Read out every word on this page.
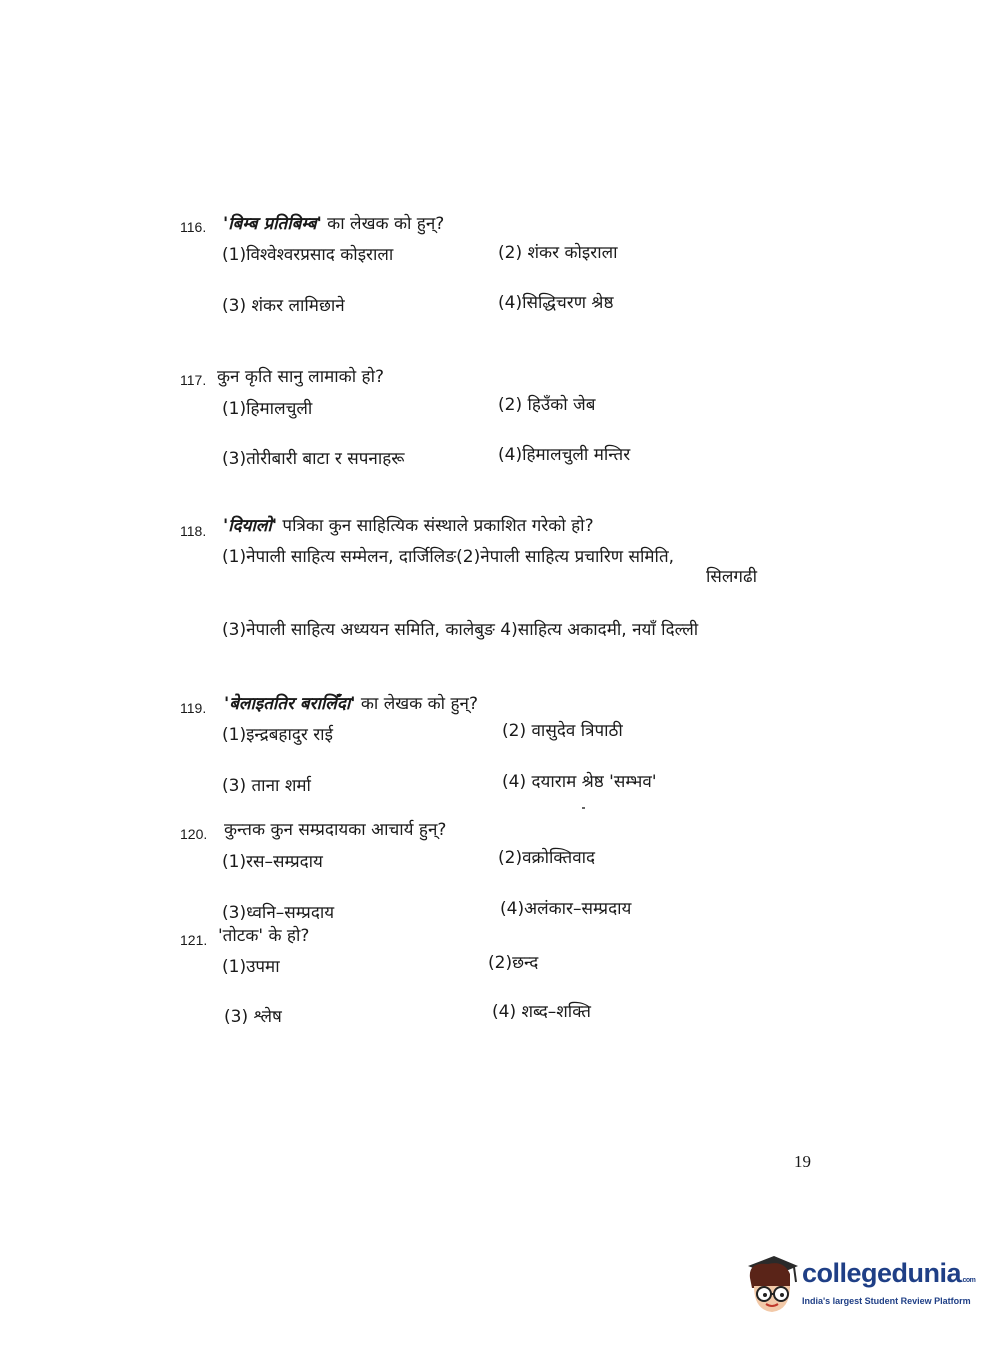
116. 'बिम्ब प्रतिबिम्ब' का लेखक को हुन्?
(1)विश्वेश्वरप्रसाद कोइराला	(2) शंकर कोइराला
(3) शंकर लामिछाने	(4)सिद्धिचरण श्रेष्ठ
117. कुन कृति सानु लामाको हो?
(1)हिमालचुली	(2) हिउँको जेब
(3)तोरीबारी बाटा र सपनाहरू	(4)हिमालचुली मन्तिर
118. 'दियालो' पत्रिका कुन साहित्यिक संस्थाले प्रकाशित गरेको हो?
(1)नेपाली साहित्य सम्मेलन, दार्जिलिङ(2)नेपाली साहित्य प्रचारिण समिति,
सिलगढी
(3)नेपाली साहित्य अध्ययन समिति, कालेबुङ 4)साहित्य अकादमी, नयाँ दिल्ली
119. 'बेलाइततिर बरालिँदा' का लेखक को हुन्?
(1)इन्द्रबहादुर राई	(2) वासुदेव त्रिपाठी
(3) ताना शर्मा	(4) दयाराम श्रेष्ठ 'सम्भव'
120. कुन्तक कुन सम्प्रदायका आचार्य हुन्?
(1)रस–सम्प्रदाय	(2)वक्रोक्तिवाद
(3)ध्वनि–सम्प्रदाय	(4)अलंकार–सम्प्रदाय
121. 'तोटक' के हो?
(1)उपमा	(2)छन्द
(3) श्लेष	(4) शब्द–शक्ति
19
collegedunia.com
India's largest Student Review Platform
